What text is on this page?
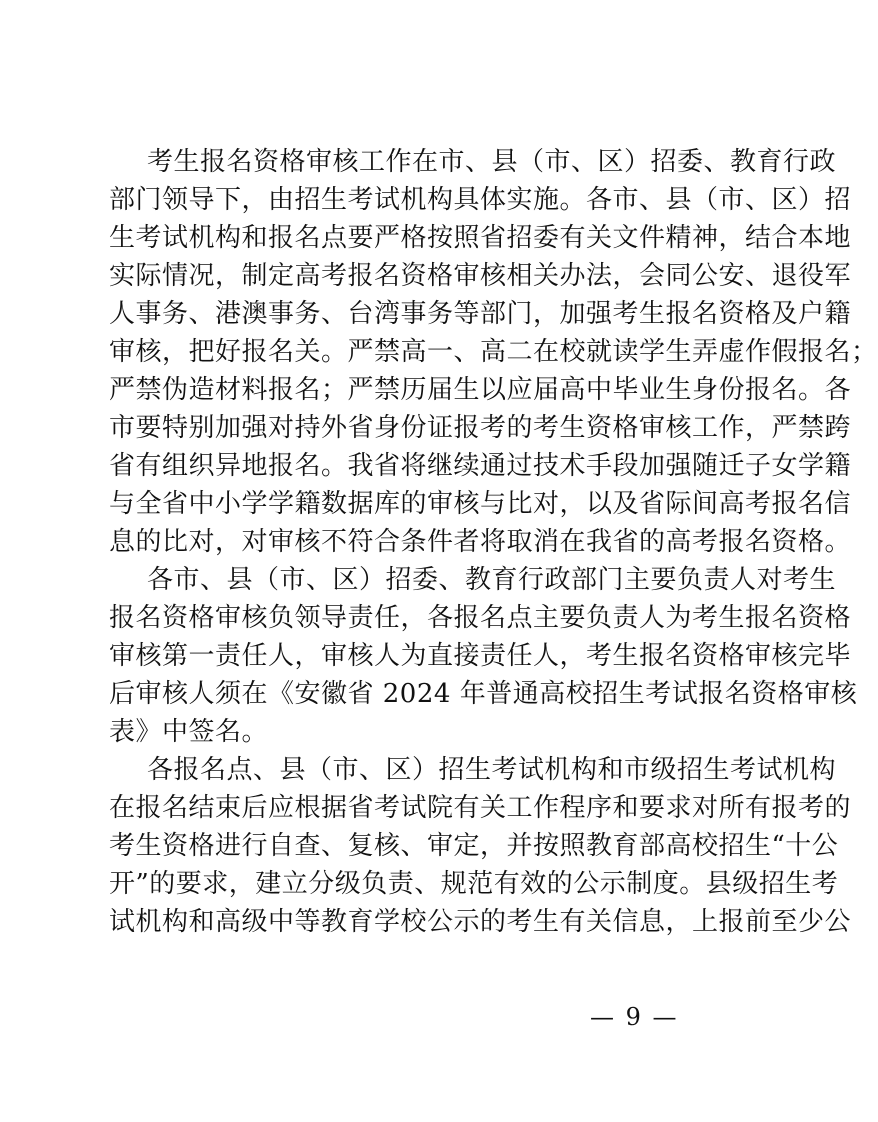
考生报名资格审核工作在市、县（市、区）招委、教育行政
部门领导下，由招生考试机构具体实施。各市、县（市、区）招
生考试机构和报名点要严格按照省招委有关文件精神，结合本地
实际情况，制定高考报名资格审核相关办法，会同公安、退役军
人事务、港澳事务、台湾事务等部门，加强考生报名资格及户籍
审核，把好报名关。严禁高一、高二在校就读学生弄虚作假报名；
严禁伪造材料报名；严禁历届生以应届高中毕业生身份报名。各
市要特别加强对持外省身份证报考的考生资格审核工作，严禁跨
省有组织异地报名。我省将继续通过技术手段加强随迁子女学籍
与全省中小学学籍数据库的审核与比对，以及省际间高考报名信
息的比对，对审核不符合条件者将取消在我省的高考报名资格。
各市、县（市、区）招委、教育行政部门主要负责人对考生
报名资格审核负领导责任，各报名点主要负责人为考生报名资格
审核第一责任人，审核人为直接责任人，考生报名资格审核完毕
后审核人须在《安徽省 2024 年普通高校招生考试报名资格审核
表》中签名。
各报名点、县（市、区）招生考试机构和市级招生考试机构
在报名结束后应根据省考试院有关工作程序和要求对所有报考的
考生资格进行自查、复核、审定，并按照教育部高校招生“十公
开”的要求，建立分级负责、规范有效的公示制度。县级招生考
试机构和高级中等教育学校公示的考生有关信息，上报前至少公
— 9 —
